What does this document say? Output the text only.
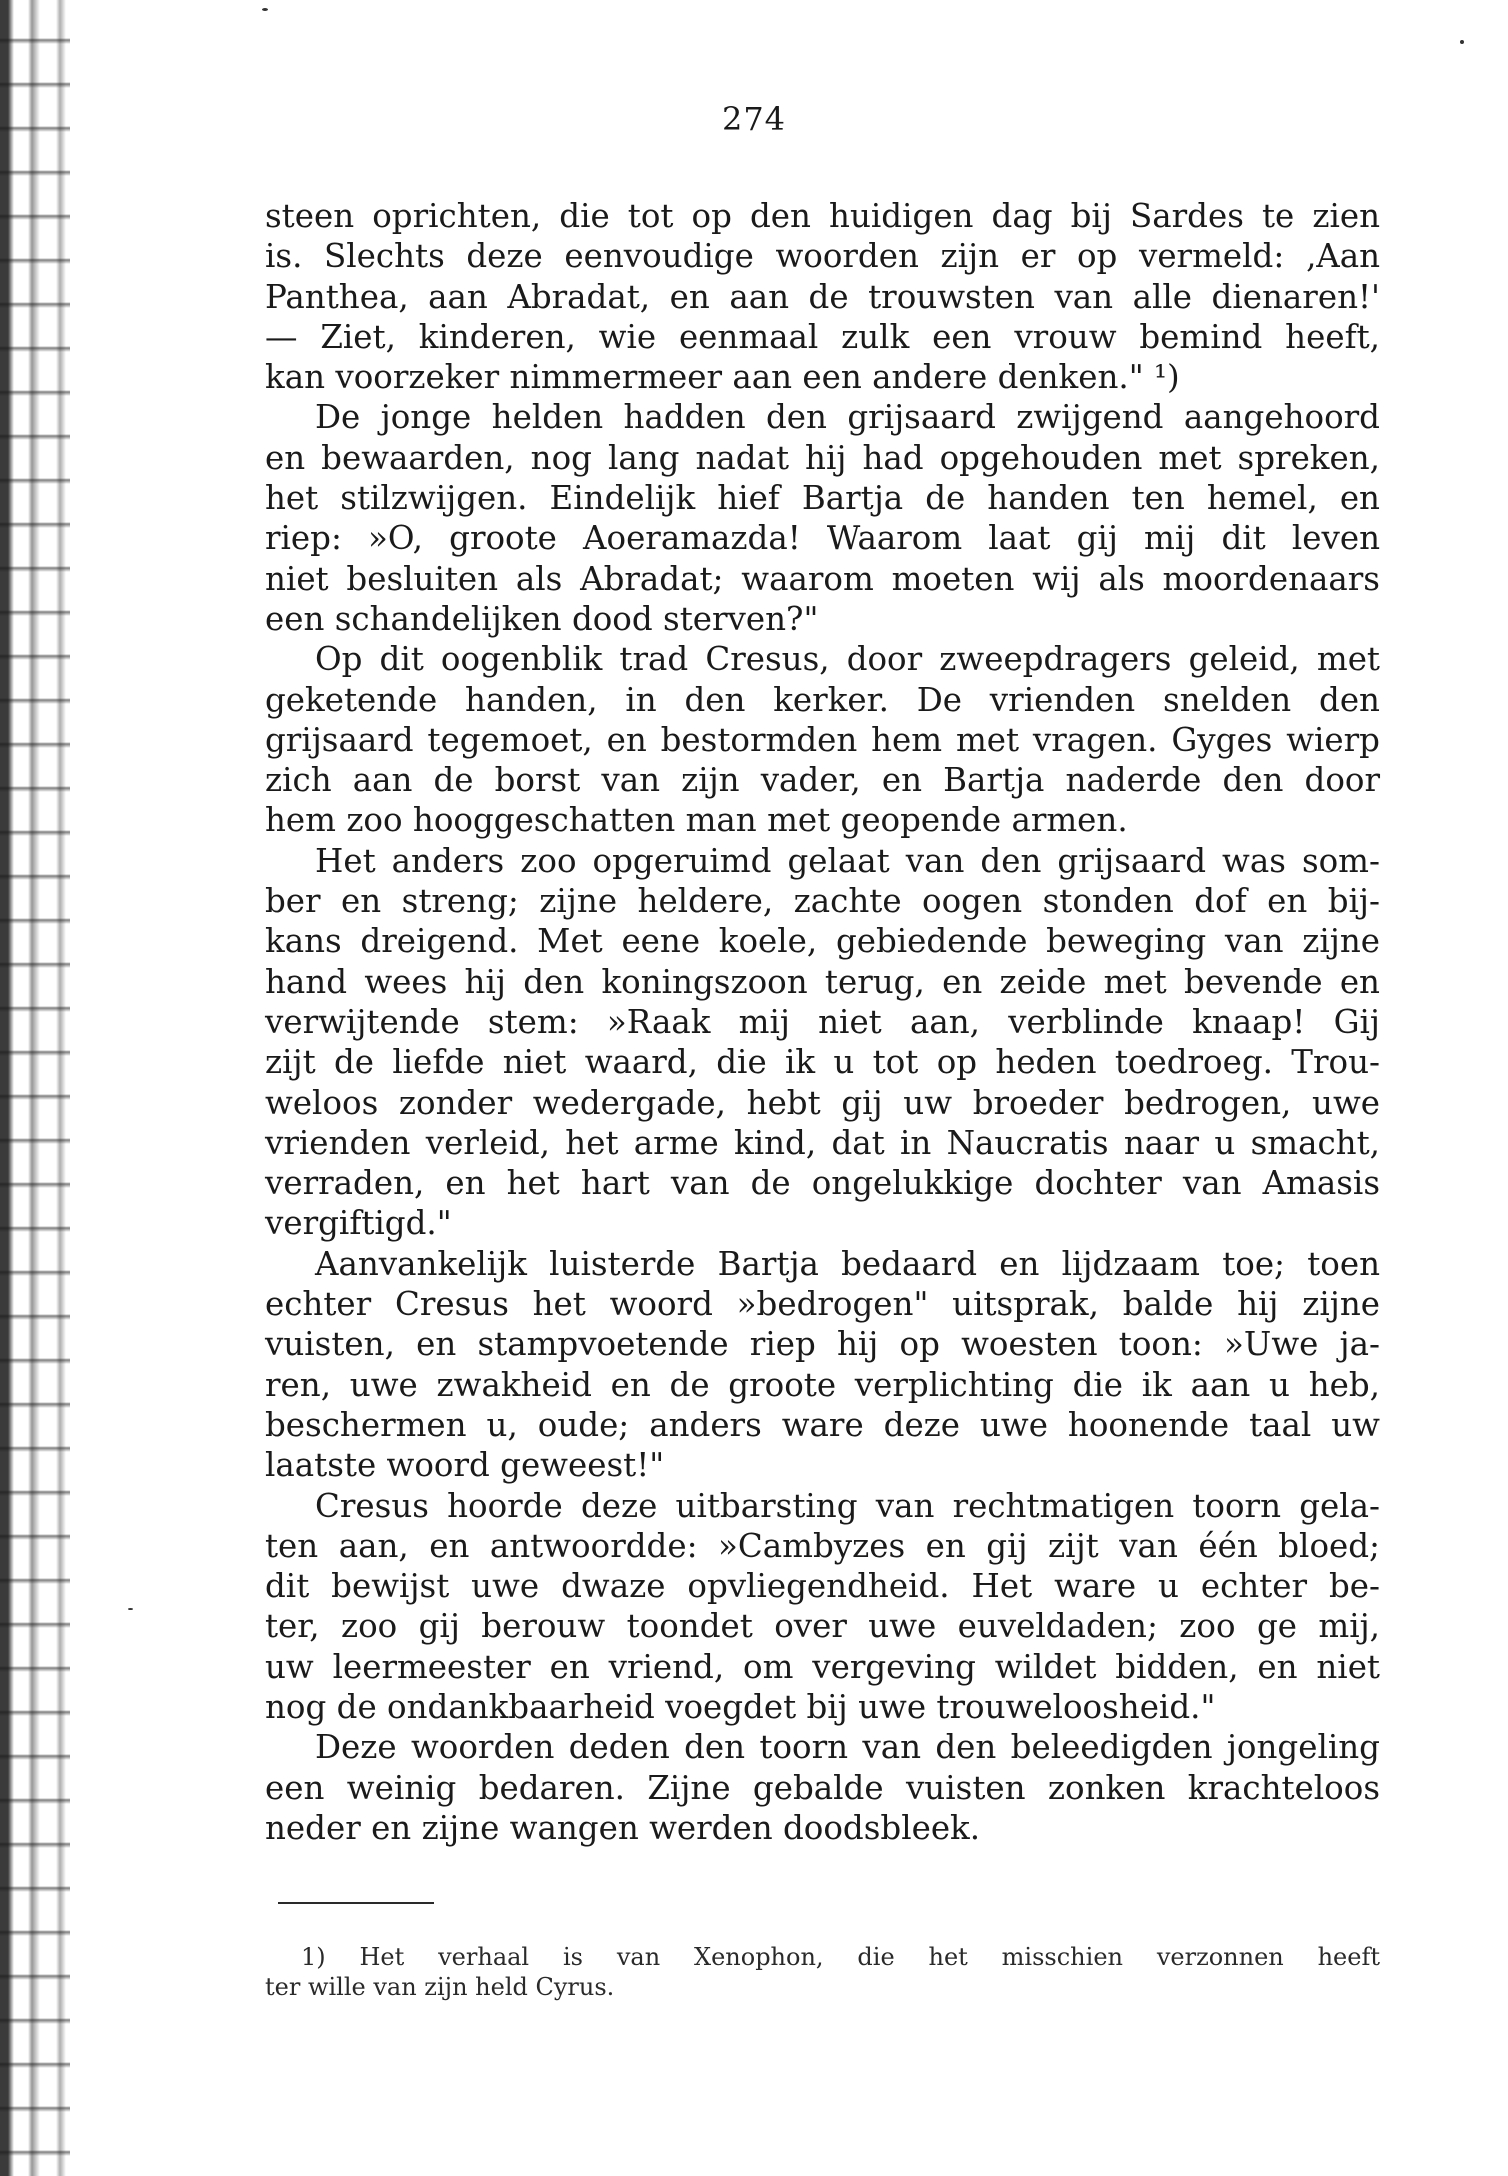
274
steen oprichten, die tot op den huidigen dag bij Sardes te zien
is. Slechts deze eenvoudige woorden zijn er op vermeld: ‚Aan
Panthea, aan Abradat, en aan de trouwsten van alle dienaren!'
— Ziet, kinderen, wie eenmaal zulk een vrouw bemind heeft,
kan voorzeker nimmermeer aan een andere denken." ¹)
De jonge helden hadden den grijsaard zwijgend aangehoord
en bewaarden, nog lang nadat hij had opgehouden met spreken,
het stilzwijgen. Eindelijk hief Bartja de handen ten hemel, en
riep: »O, groote Aoeramazda! Waarom laat gij mij dit leven
niet besluiten als Abradat; waarom moeten wij als moordenaars
een schandelijken dood sterven?"
Op dit oogenblik trad Cresus, door zweepdragers geleid, met
geketende handen, in den kerker. De vrienden snelden den
grijsaard tegemoet, en bestormden hem met vragen. Gyges wierp
zich aan de borst van zijn vader, en Bartja naderde den door
hem zoo hooggeschatten man met geopende armen.
Het anders zoo opgeruimd gelaat van den grijsaard was som-
ber en streng; zijne heldere, zachte oogen stonden dof en bij-
kans dreigend. Met eene koele, gebiedende beweging van zijne
hand wees hij den koningszoon terug, en zeide met bevende en
verwijtende stem: »Raak mij niet aan, verblinde knaap! Gij
zijt de liefde niet waard, die ik u tot op heden toedroeg. Trou-
weloos zonder wedergade, hebt gij uw broeder bedrogen, uwe
vrienden verleid, het arme kind, dat in Naucratis naar u smacht,
verraden, en het hart van de ongelukkige dochter van Amasis
vergiftigd."
Aanvankelijk luisterde Bartja bedaard en lijdzaam toe; toen
echter Cresus het woord »bedrogen" uitsprak, balde hij zijne
vuisten, en stampvoetende riep hij op woesten toon: »Uwe ja-
ren, uwe zwakheid en de groote verplichting die ik aan u heb,
beschermen u, oude; anders ware deze uwe hoonende taal uw
laatste woord geweest!"
Cresus hoorde deze uitbarsting van rechtmatigen toorn gela-
ten aan, en antwoordde: »Cambyzes en gij zijt van één bloed;
dit bewijst uwe dwaze opvliegendheid. Het ware u echter be-
ter, zoo gij berouw toondet over uwe euveldaden; zoo ge mij,
uw leermeester en vriend, om vergeving wildet bidden, en niet
nog de ondankbaarheid voegdet bij uwe trouweloosheid."
Deze woorden deden den toorn van den beleedigden jongeling
een weinig bedaren. Zijne gebalde vuisten zonken krachteloos
neder en zijne wangen werden doodsbleek.
1) Het verhaal is van Xenophon, die het misschien verzonnen heeft
ter wille van zijn held Cyrus.
